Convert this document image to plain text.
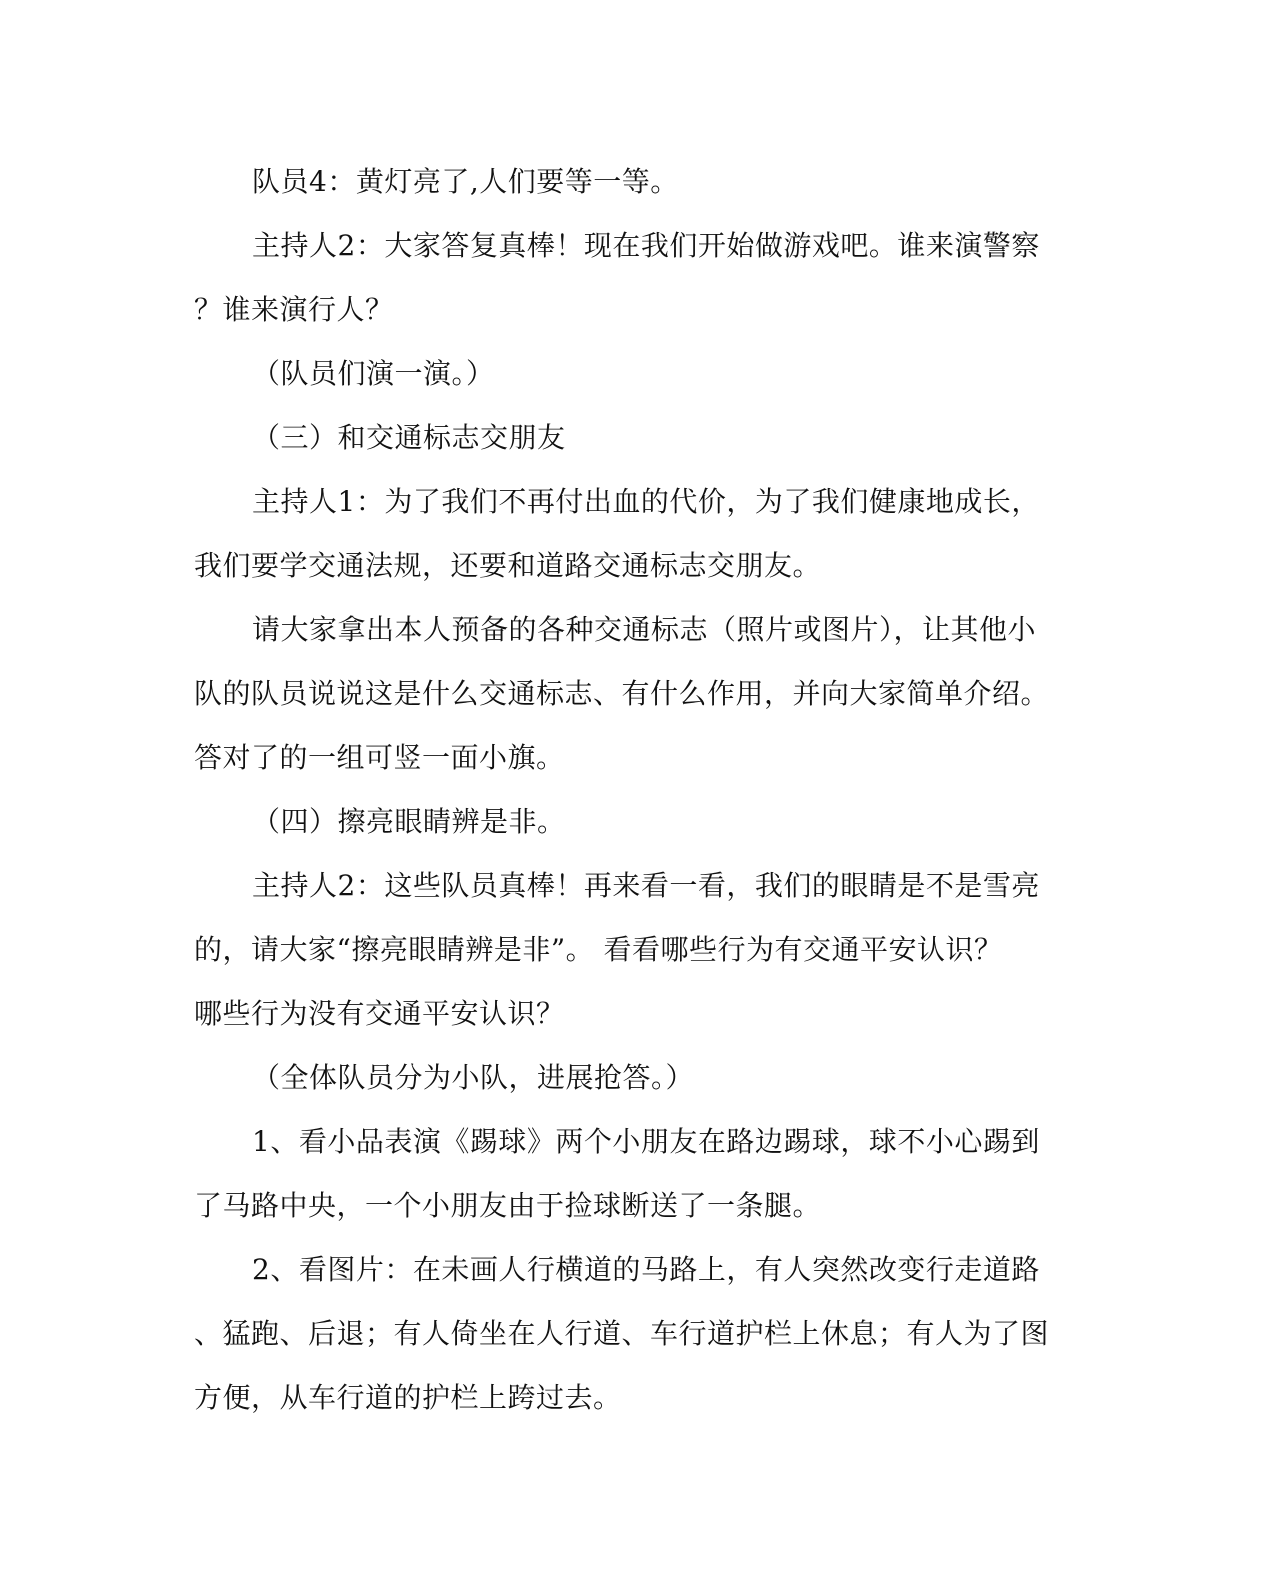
队员4：黄灯亮了,人们要等一等。
主持人2：大家答复真棒！现在我们开始做游戏吧。谁来演警察
？谁来演行人？
（队员们演一演。）
（三）和交通标志交朋友
主持人1：为了我们不再付出血的代价，为了我们健康地成长，
我们要学交通法规，还要和道路交通标志交朋友。
请大家拿出本人预备的各种交通标志（照片或图片），让其他小
队的队员说说这是什么交通标志、有什么作用，并向大家简单介绍。
答对了的一组可竖一面小旗。
（四）擦亮眼睛辨是非。
主持人2：这些队员真棒！再来看一看，我们的眼睛是不是雪亮
的，请大家“擦亮眼睛辨是非”。 看看哪些行为有交通平安认识？
哪些行为没有交通平安认识？
（全体队员分为小队，进展抢答。）
1、看小品表演《踢球》两个小朋友在路边踢球，球不小心踢到
了马路中央，一个小朋友由于捡球断送了一条腿。
2、看图片：在未画人行横道的马路上，有人突然改变行走道路
、猛跑、后退；有人倚坐在人行道、车行道护栏上休息；有人为了图
方便，从车行道的护栏上跨过去。
